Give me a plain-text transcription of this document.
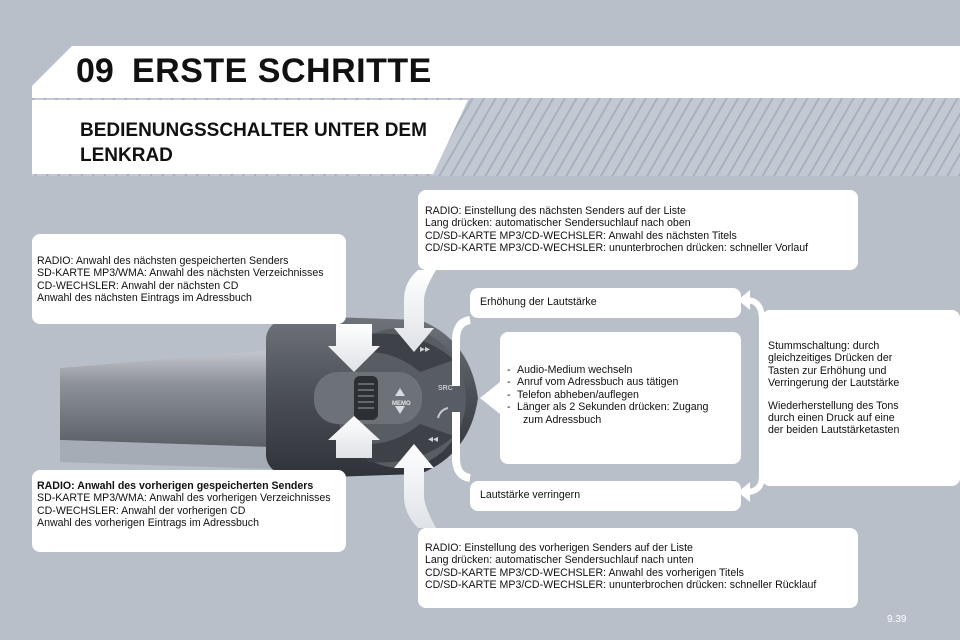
09 ERSTE SCHRITTE
BEDIENUNGSSCHALTER UNTER DEM
LENKRAD
MEMO
SRC
▸▸
◂◂
RADIO: Einstellung des nächsten Senders auf der Liste
Lang drücken: automatischer Sendersuchlauf nach oben
CD/SD-KARTE MP3/CD-WECHSLER: Anwahl des nächsten Titels
CD/SD-KARTE MP3/CD-WECHSLER: ununterbrochen drücken: schneller Vorlauf
RADIO: Anwahl des nächsten gespeicherten Senders
SD-KARTE MP3/WMA: Anwahl des nächsten Verzeichnisses
CD-WECHSLER: Anwahl der nächsten CD
Anwahl des nächsten Eintrags im Adressbuch
RADIO: Anwahl des vorherigen gespeicherten Senders
SD-KARTE MP3/WMA: Anwahl des vorherigen Verzeichnisses
CD-WECHSLER: Anwahl der vorherigen CD
Anwahl des vorherigen Eintrags im Adressbuch
Erhöhung der Lautstärke
- Audio-Medium wechseln
- Anruf vom Adressbuch aus tätigen
- Telefon abheben/auflegen
- Länger als 2 Sekunden drücken: Zugang
zum Adressbuch
Lautstärke verringern

Stummschaltung: durch
gleichzeitiges Drücken der
Tasten zur Erhöhung und
Verringerung der Lautstärke

Wiederherstellung des Tons
durch einen Druck auf eine
der beiden Lautstärketasten

RADIO: Einstellung des vorherigen Senders auf der Liste
Lang drücken: automatischer Sendersuchlauf nach unten
CD/SD-KARTE MP3/CD-WECHSLER: Anwahl des vorherigen Titels
CD/SD-KARTE MP3/CD-WECHSLER: ununterbrochen drücken: schneller Rücklauf
9.39
